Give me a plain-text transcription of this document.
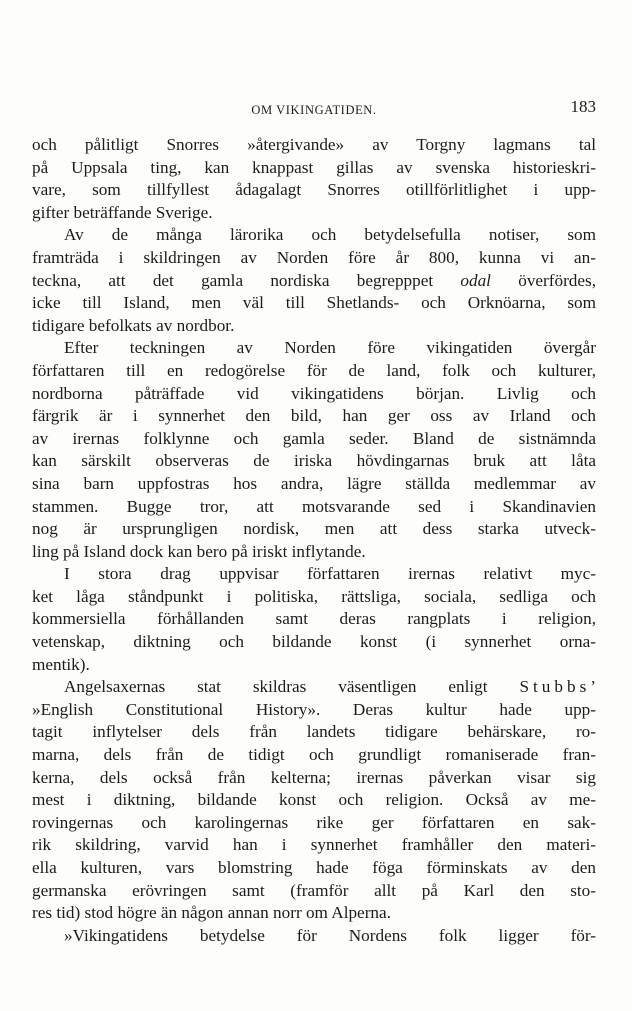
OM VIKINGATIDEN.	183
och pålitligt Snorres »återgivande» av Torgny lagmans tal
på Uppsala ting, kan knappast gillas av svenska historieskri-
vare, som tillfyllest ådagalagt Snorres otillförlitlighet i upp-
gifter beträffande Sverige.
Av de många lärorika och betydelsefulla notiser, som
framträda i skildringen av Norden före år 800, kunna vi an-
teckna, att det gamla nordiska begrepppet odal överfördes,
icke till Island, men väl till Shetlands- och Orknöarna, som
tidigare befolkats av nordbor.
Efter teckningen av Norden före vikingatiden övergår
författaren till en redogörelse för de land, folk och kulturer,
nordborna påträffade vid vikingatidens början. Livlig och
färgrik är i synnerhet den bild, han ger oss av Irland och
av irernas folklynne och gamla seder. Bland de sistnämnda
kan särskilt observeras de iriska hövdingarnas bruk att låta
sina barn uppfostras hos andra, lägre ställda medlemmar av
stammen. Bugge tror, att motsvarande sed i Skandinavien
nog är ursprungligen nordisk, men att dess starka utveck-
ling på Island dock kan bero på iriskt inflytande.
I stora drag uppvisar författaren irernas relativt myc-
ket låga ståndpunkt i politiska, rättsliga, sociala, sedliga och
kommersiella förhållanden samt deras rangplats i religion,
vetenskap, diktning och bildande konst (i synnerhet orna-
mentik).
Angelsaxernas stat skildras väsentligen enligt Stubbs’
»English Constitutional History». Deras kultur hade upp-
tagit inflytelser dels från landets tidigare behärskare, ro-
marna, dels från de tidigt och grundligt romaniserade fran-
kerna, dels också från kelterna; irernas påverkan visar sig
mest i diktning, bildande konst och religion. Också av me-
rovingernas och karolingernas rike ger författaren en sak-
rik skildring, varvid han i synnerhet framhåller den materi-
ella kulturen, vars blomstring hade föga förminskats av den
germanska erövringen samt (framför allt på Karl den sto-
res tid) stod högre än någon annan norr om Alperna.
»Vikingatidens betydelse för Nordens folk ligger för-
